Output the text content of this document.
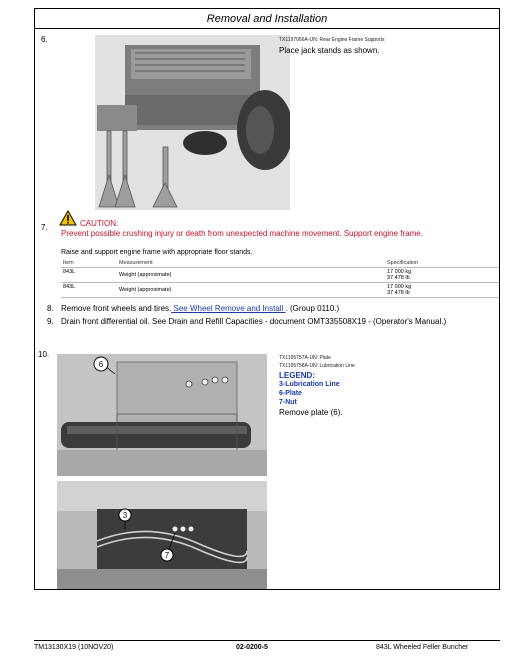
Removal and Installation
6.	TX1197066A-UN: Rear Engine Frame Supports
Place jack stands as shown.
7.	CAUTION:
Prevent possible crushing injury or death from unexpected machine movement. Support engine frame.
Raise and support engine frame with appropriate floor stands.
Item	Measurement	Specification
843L	Weight (approximate)	17 000 kg
37 478 lb

843L	Weight (approximate)	17 000 kg
37 478 lb
8. Remove front wheels and tires. See Wheel Remove and Install . (Group 0110.)
9. Drain front differential oil. See Drain and Refill Capacities - document OMT335508X19 - (Operator's Manual.)
10.
6
3
7
TX1195757A-UN: Plate
TX1195758A-UN: Lubrication Line
LEGEND:
3-Lubrication Line
6-Plate
7-Nut
Remove plate (6).
TM13130X19 (10NOV20)	02-0200-5	843L Wheeled Feller Buncher
